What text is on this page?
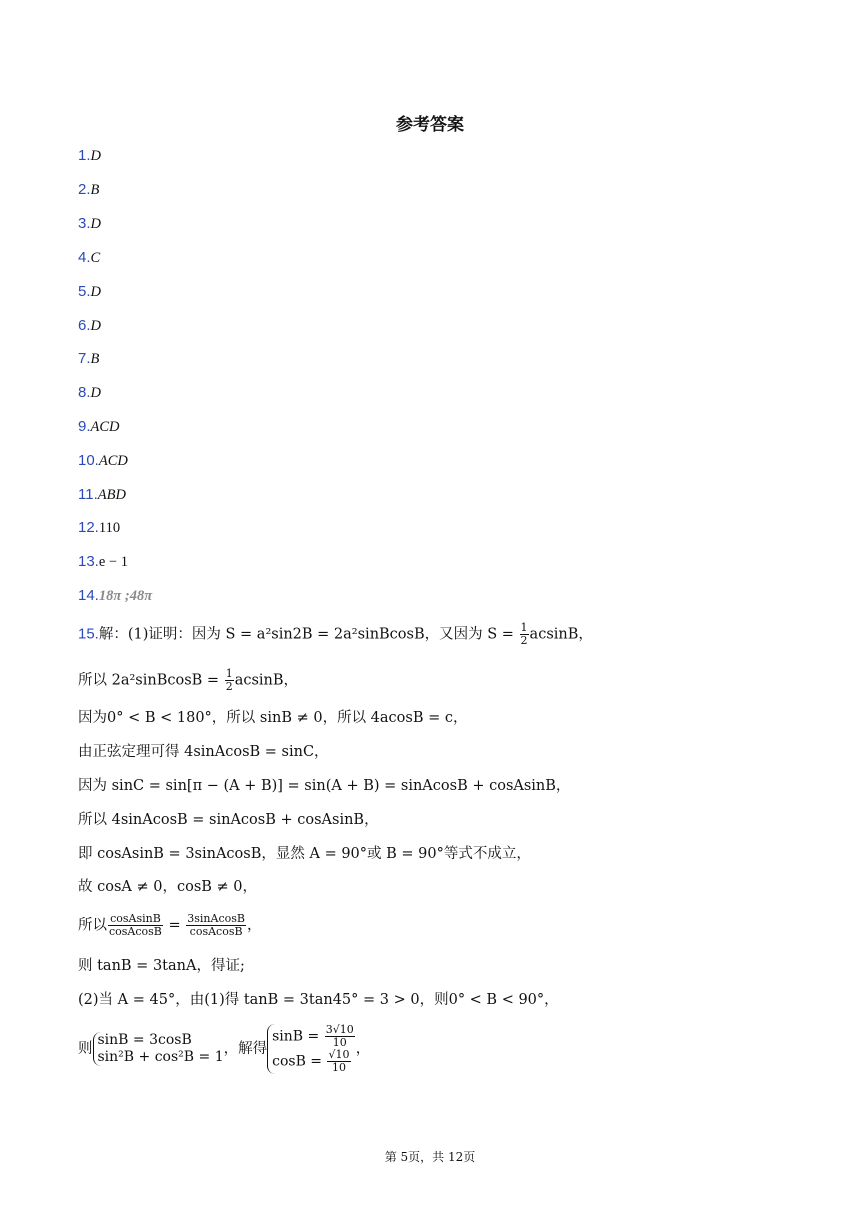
参考答案
1.D
2.B
3.D
4.C
5.D
6.D
7.B
8.D
9.ACD
10.ACD
11.ABD
12.110
13.e − 1
14.18π ;48π
15.解：(1)证明：因为 S = a²sin2B = 2a²sinBcosB，又因为 $S = \frac{1}{2}$ acsinB，
所以 2a²sinBcosB = $\frac{1}{2}$ acsinB，
因为0° < B < 180°，所以 sinB ≠ 0，所以 4acosB = c，
由正弦定理可得 4sinAcosB = sinC，
因为 sinC = sin[π − (A + B)] = sin(A + B) = sinAcosB + cosAsinB，
所以 4sinAcosB = sinAcosB + cosAsinB，
即 cosAsinB = 3sinAcosB，显然 A = 90°或 B = 90°等式不成立，
故 cosA ≠ 0，cosB ≠ 0，
所以 $\frac{\text{cosAsinB}}{\text{cosAcosB}} = \frac{\text{3sinAcosB}}{\text{cosAcosB}}$ ，
则 tanB = 3tanA，得证;
(2)当 A = 45°，由(1)得 tanB = 3tan45° = 3 > 0，则0° < B < 90°，
则
sinB = 3cosB
sin²B + cos²B = 1 ，解得
$\sin B = \frac{3√10}{10}$
$\cos B = \frac{√10}{10}$ ，
第 5页，共 12页
